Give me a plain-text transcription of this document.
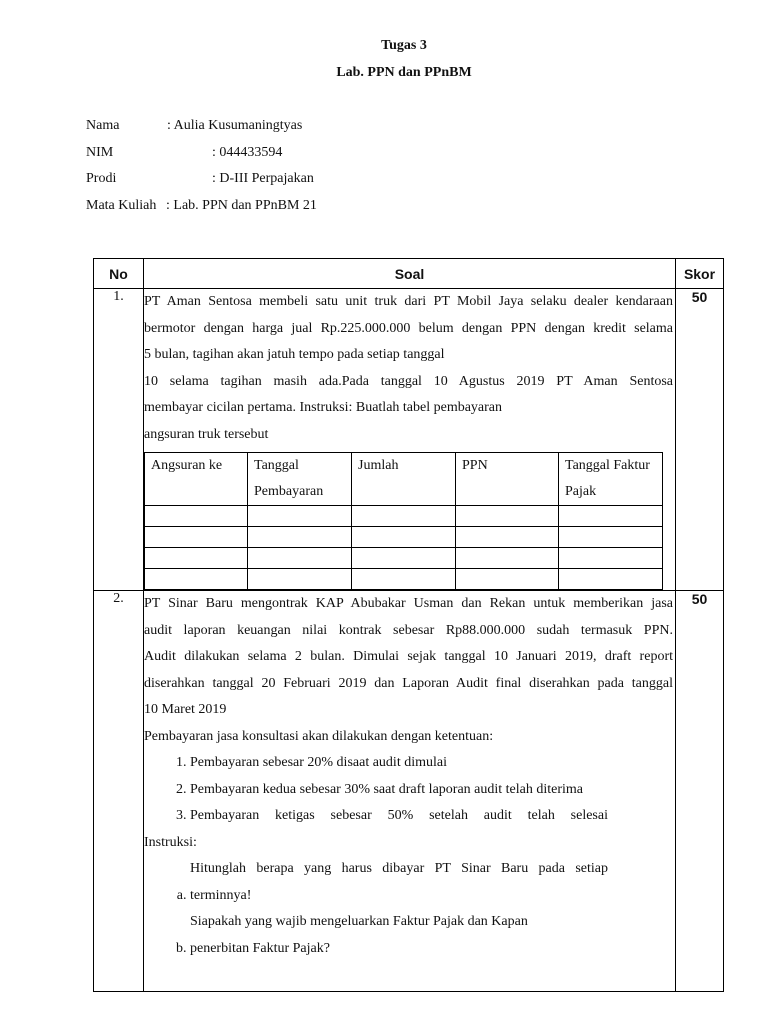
Tugas 3
Lab. PPN dan PPnBM
Nama	: Aulia Kusumaningtyas
NIM	: 044433594
Prodi	: D-III Perpajakan
Mata Kuliah : Lab. PPN dan PPnBM 21
No	Soal	Skor
1.	PT Aman Sentosa membeli satu unit truk dari PT Mobil Jaya selaku dealer kendaraan
bermotor dengan harga jual Rp.225.000.000 belum dengan PPN dengan kredit selama
5 bulan, tagihan akan jatuh tempo pada setiap tanggal
10 selama tagihan masih ada.Pada tanggal 10 Agustus 2019 PT Aman Sentosa
membayar cicilan pertama. Instruksi: Buatlah tabel pembayaran
angsuran truk tersebut
Angsuran ke	Tanggal Pembayaran	Jumlah	PPN	Tanggal Faktur Pajak

	50
2.	PT Sinar Baru mengontrak KAP Abubakar Usman dan Rekan untuk memberikan jasa
audit laporan keuangan nilai kontrak sebesar Rp88.000.000 sudah termasuk PPN.
Audit dilakukan selama 2 bulan. Dimulai sejak tanggal 10 Januari 2019, draft report
diserahkan tanggal 20 Februari 2019 dan Laporan Audit final diserahkan pada tanggal
10 Maret 2019
Pembayaran jasa konsultasi akan dilakukan dengan ketentuan:
1. Pembayaran sebesar 20% disaat audit dimulai
2. Pembayaran kedua sebesar 30% saat draft laporan audit telah diterima
3. Pembayaran ketigas sebesar 50% setelah audit telah selesai
Instruksi:
a. Hitunglah berapa yang harus dibayar PT Sinar Baru pada setiap terminnya!
b. Siapakah yang wajib mengeluarkan Faktur Pajak dan Kapan penerbitan Faktur Pajak?
	50
